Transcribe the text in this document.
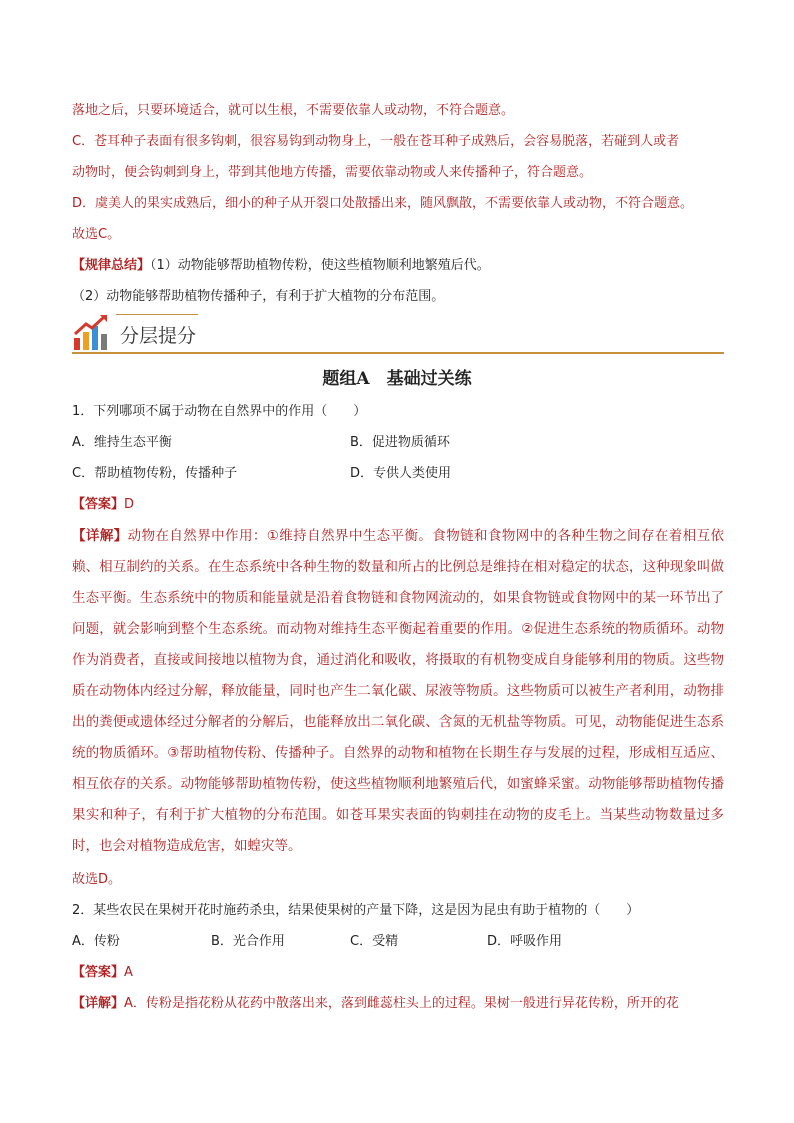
落地之后，只要环境适合，就可以生根，不需要依靠人或动物，不符合题意。
C．苍耳种子表面有很多钩刺，很容易钩到动物身上，一般在苍耳种子成熟后，会容易脱落，若碰到人或者
动物时，便会钩刺到身上，带到其他地方传播，需要依靠动物或人来传播种子，符合题意。
D．虞美人的果实成熟后，细小的种子从开裂口处散播出来，随风飘散，不需要依靠人或动物，不符合题意。
故选C。
【规律总结】（1）动物能够帮助植物传粉，使这些植物顺利地繁殖后代。
（2）动物能够帮助植物传播种子，有利于扩大植物的分布范围。
分层提分
题组A　基础过关练
1．下列哪项不属于动物在自然界中的作用（　　）
A．维持生态平衡	B．促进物质循环
C．帮助植物传粉，传播种子	D．专供人类使用
【答案】D
【详解】动物在自然界中作用：①维持自然界中生态平衡。食物链和食物网中的各种生物之间存在着相互依赖、相互制约的关系。在生态系统中各种生物的数量和所占的比例总是维持在相对稳定的状态，这种现象叫做生态平衡。生态系统中的物质和能量就是沿着食物链和食物网流动的，如果食物链或食物网中的某一环节出了问题，就会影响到整个生态系统。而动物对维持生态平衡起着重要的作用。②促进生态系统的物质循环。动物作为消费者，直接或间接地以植物为食，通过消化和吸收，将摄取的有机物变成自身能够利用的物质。这些物质在动物体内经过分解，释放能量，同时也产生二氧化碳、尿液等物质。这些物质可以被生产者利用，动物排出的粪便或遗体经过分解者的分解后，也能释放出二氧化碳、含氮的无机盐等物质。可见，动物能促进生态系统的物质循环。③帮助植物传粉、传播种子。自然界的动物和植物在长期生存与发展的过程，形成相互适应、相互依存的关系。动物能够帮助植物传粉，使这些植物顺利地繁殖后代，如蜜蜂采蜜。动物能够帮助植物传播果实和种子，有利于扩大植物的分布范围。如苍耳果实表面的钩刺挂在动物的皮毛上。当某些动物数量过多时，也会对植物造成危害，如蝗灾等。
故选D。
2．某些农民在果树开花时施药杀虫，结果使果树的产量下降，这是因为昆虫有助于植物的（　　）
A．传粉	B．光合作用	C．受精	D．呼吸作用
【答案】A
【详解】A．传粉是指花粉从花药中散落出来，落到雌蕊柱头上的过程。果树一般进行异花传粉，所开的花
